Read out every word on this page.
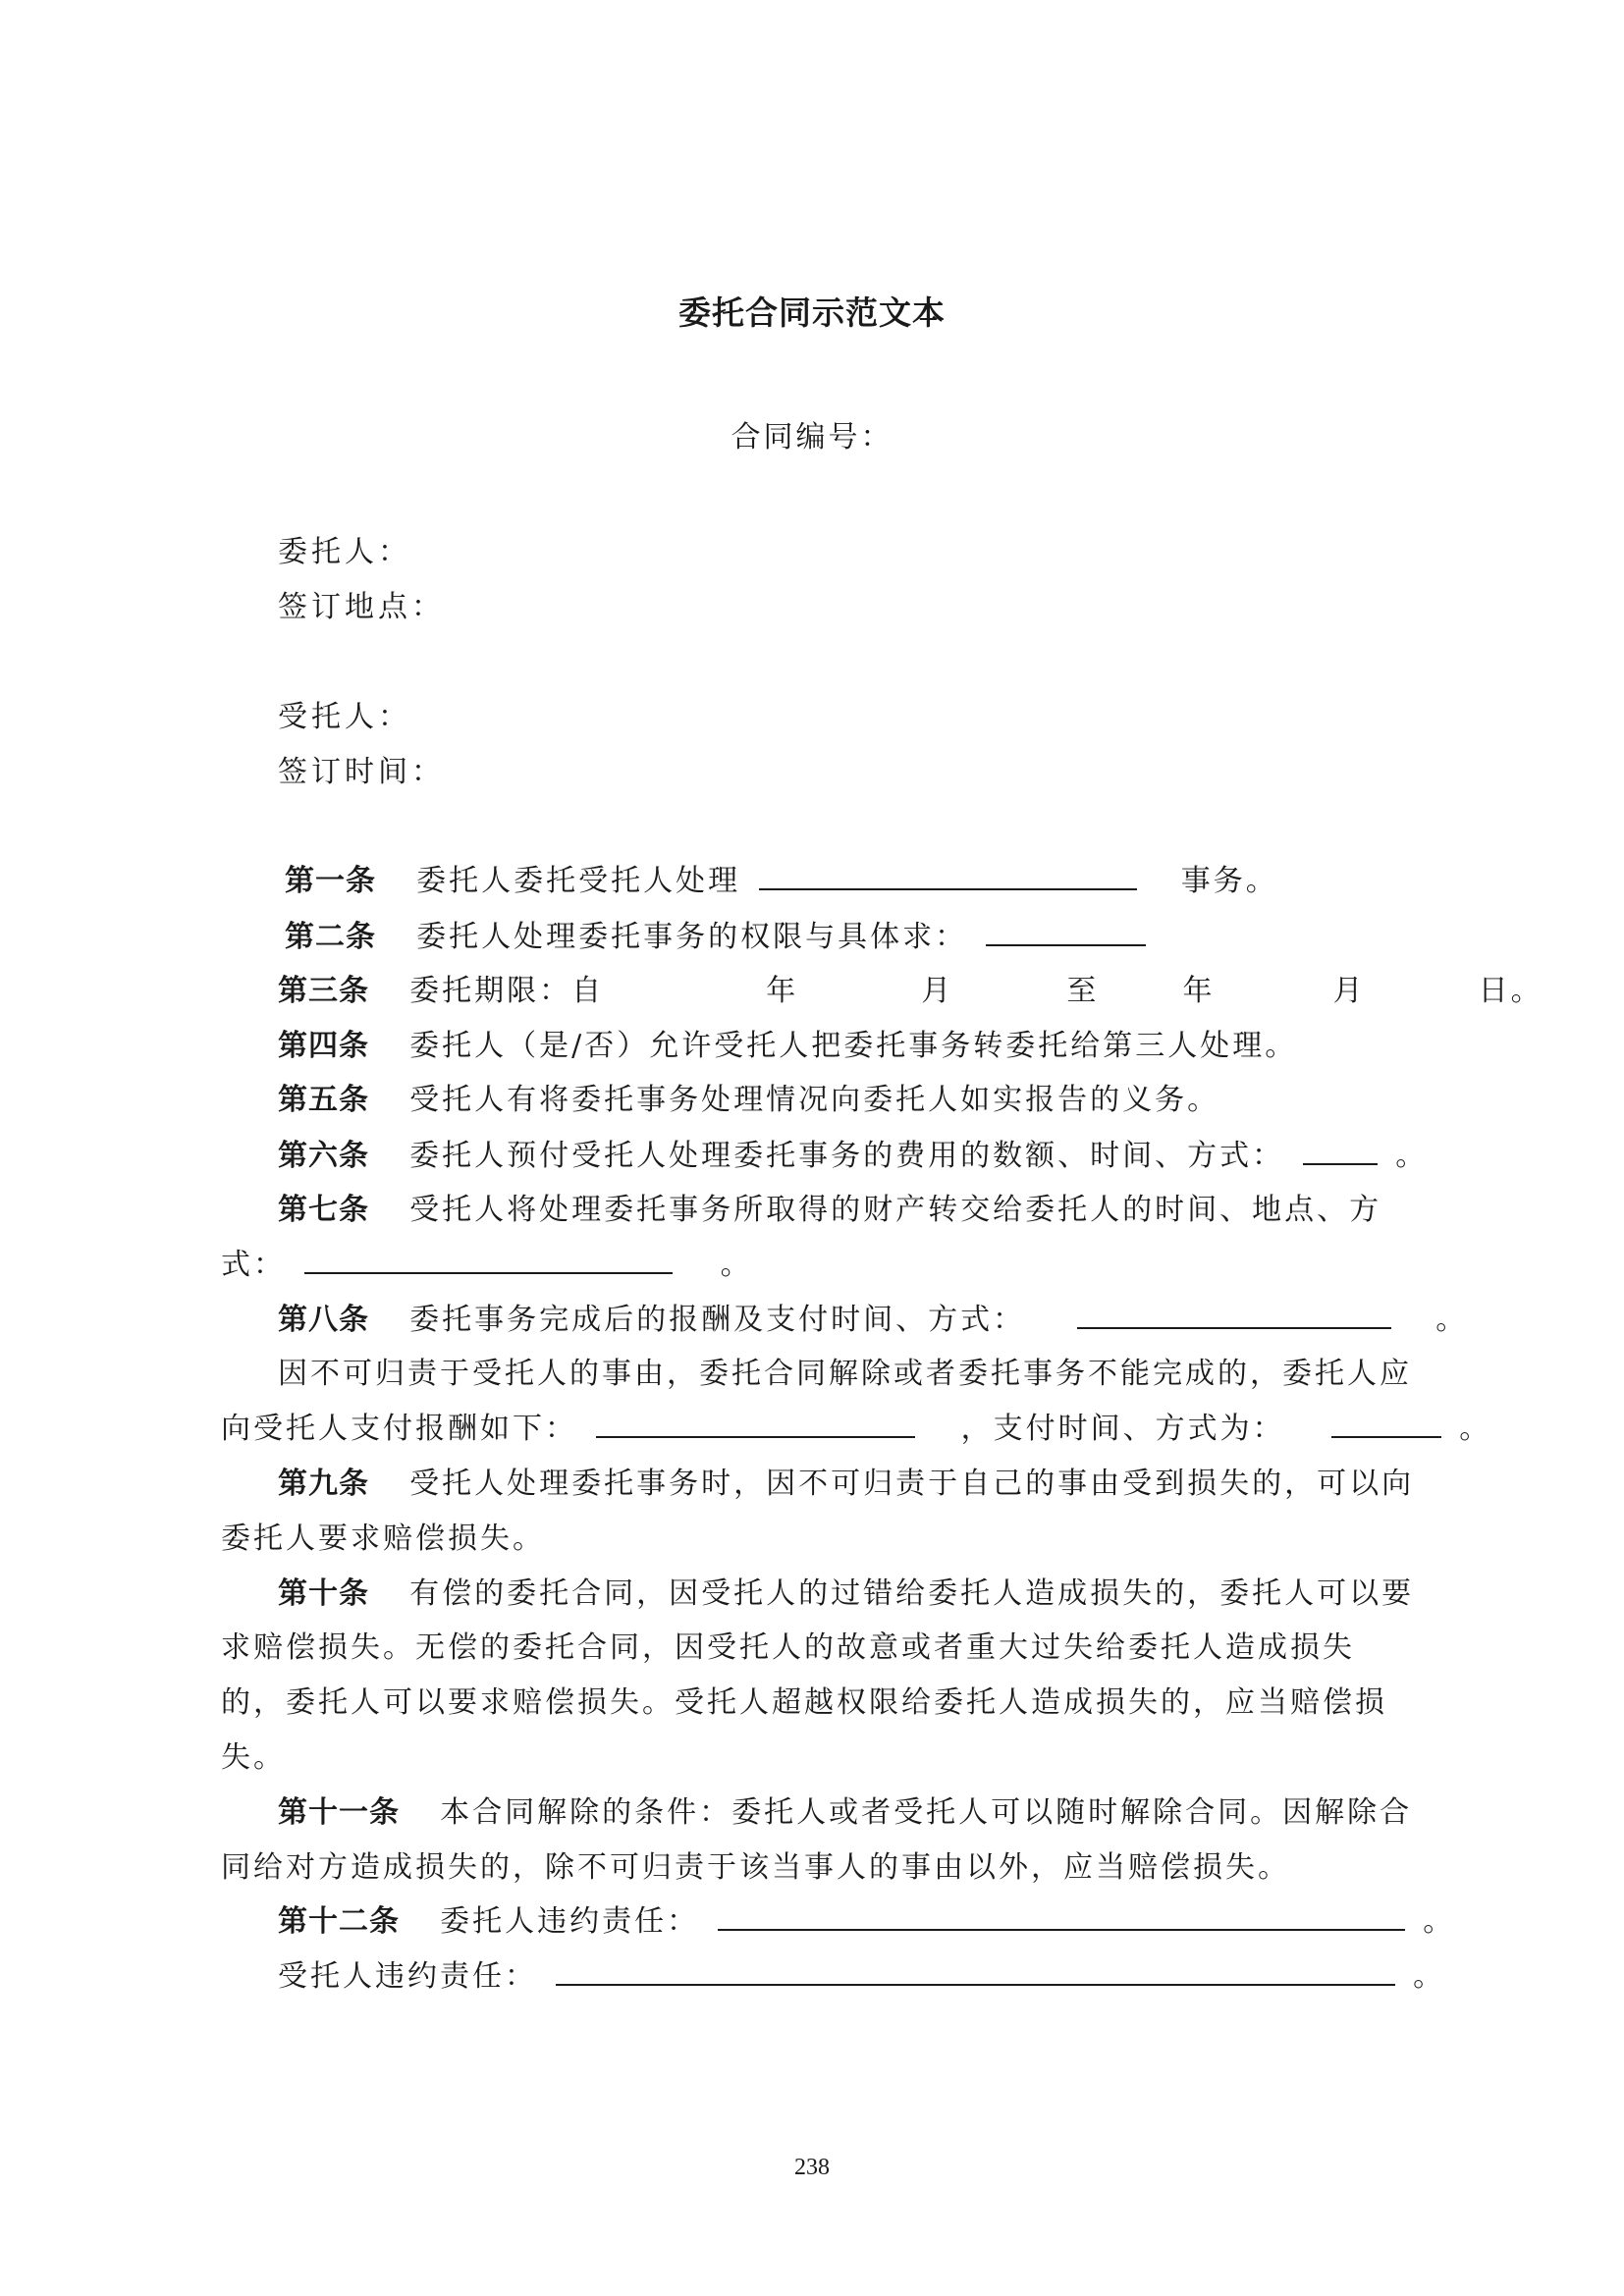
委托合同示范文本
合同编号：
委托人：
签订地点：
受托人：
签订时间：
第一条 委托人委托受托人处理	事务。
第二条 委托人处理委托事务的权限与具体求：
第三条 委托期限：自	年	月	至	年	月	日。
第四条 委托人（是/否）允许受托人把委托事务转委托给第三人处理。
第五条 受托人有将委托事务处理情况向委托人如实报告的义务。
第六条 委托人预付受托人处理委托事务的费用的数额、时间、方式：	。
第七条 受托人将处理委托事务所取得的财产转交给委托人的时间、地点、方
式：	。
第八条 委托事务完成后的报酬及支付时间、方式：	。
因不可归责于受托人的事由，委托合同解除或者委托事务不能完成的，委托人应
向受托人支付报酬如下：	，支付时间、方式为：	。
第九条 受托人处理委托事务时，因不可归责于自己的事由受到损失的，可以向
委托人要求赔偿损失。
第十条 有偿的委托合同，因受托人的过错给委托人造成损失的，委托人可以要
求赔偿损失。无偿的委托合同，因受托人的故意或者重大过失给委托人造成损失
的，委托人可以要求赔偿损失。受托人超越权限给委托人造成损失的，应当赔偿损
失。
第十一条 本合同解除的条件：委托人或者受托人可以随时解除合同。因解除合
同给对方造成损失的，除不可归责于该当事人的事由以外，应当赔偿损失。
第十二条 委托人违约责任：	。
受托人违约责任：	。
238
